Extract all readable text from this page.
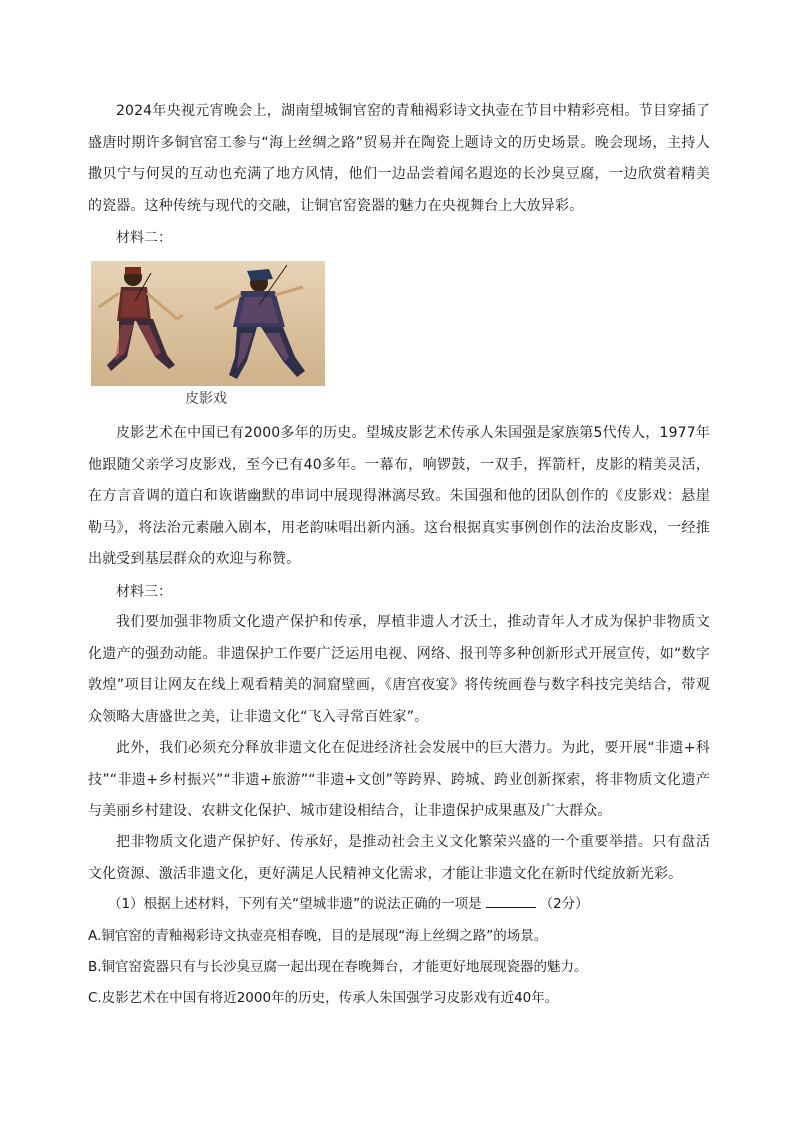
2024年央视元宵晚会上，湖南望城铜官窑的青釉褐彩诗文执壶在节目中精彩亮相。节目穿插了盛唐时期许多铜官窑工参与“海上丝绸之路”贸易并在陶瓷上题诗文的历史场景。晚会现场，主持人撒贝宁与何炅的互动也充满了地方风情，他们一边品尝着闻名遐迩的长沙臭豆腐，一边欣赏着精美的瓷器。这种传统与现代的交融，让铜官窑瓷器的魅力在央视舞台上大放异彩。

材料二：

皮影戏

皮影艺术在中国已有2000多年的历史。望城皮影艺术传承人朱国强是家族第5代传人，1977年他跟随父亲学习皮影戏，至今已有40多年。一幕布，响锣鼓，一双手，挥箭杆，皮影的精美灵活，在方言音调的道白和诙谐幽默的串词中展现得淋漓尽致。朱国强和他的团队创作的《皮影戏：悬崖勒马》，将法治元素融入剧本，用老韵味唱出新内涵。这台根据真实事例创作的法治皮影戏，一经推出就受到基层群众的欢迎与称赞。

材料三：

我们要加强非物质文化遗产保护和传承，厚植非遗人才沃土，推动青年人才成为保护非物质文化遗产的强劲动能。非遗保护工作要广泛运用电视、网络、报刊等多种创新形式开展宣传，如“数字敦煌”项目让网友在线上观看精美的洞窟壁画，《唐宫夜宴》将传统画卷与数字科技完美结合，带观众领略大唐盛世之美，让非遗文化“飞入寻常百姓家”。

此外，我们必须充分释放非遗文化在促进经济社会发展中的巨大潜力。为此，要开展“非遗+科技”“非遗+乡村振兴”“非遗+旅游”“非遗+文创”等跨界、跨城、跨业创新探索，将非物质文化遗产与美丽乡村建设、农耕文化保护、城市建设相结合，让非遗保护成果惠及广大群众。

把非物质文化遗产保护好、传承好，是推动社会主义文化繁荣兴盛的一个重要举措。只有盘活文化资源、激活非遗文化，更好满足人民精神文化需求，才能让非遗文化在新时代绽放新光彩。

（1）根据上述材料，下列有关“望城非遗”的说法正确的一项是	（2分）

A.铜官窑的青釉褐彩诗文执壶亮相春晚，目的是展现“海上丝绸之路”的场景。

B.铜官窑瓷器只有与长沙臭豆腐一起出现在春晚舞台，才能更好地展现瓷器的魅力。

C.皮影艺术在中国有将近2000年的历史，传承人朱国强学习皮影戏有近40年。
